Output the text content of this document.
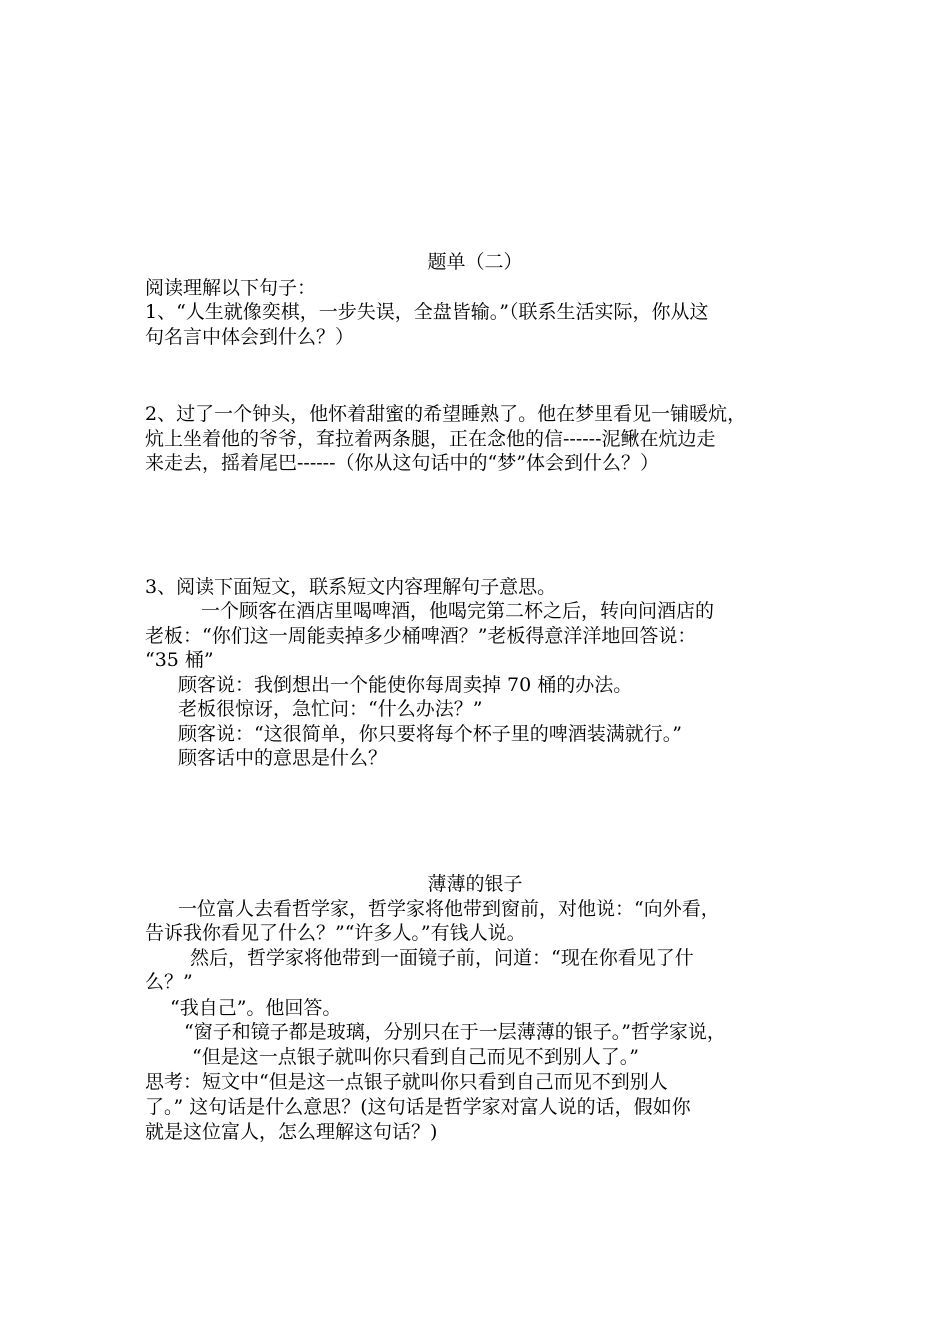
题单（二）
阅读理解以下句子：
1、“人生就像奕棋，一步失误，全盘皆输。”（联系生活实际，你从这
句名言中体会到什么？）
2、过了一个钟头，他怀着甜蜜的希望睡熟了。他在梦里看见一铺暖炕，
炕上坐着他的爷爷，耷拉着两条腿，正在念他的信------泥鳅在炕边走
来走去，摇着尾巴------（你从这句话中的“梦”体会到什么？）
3、阅读下面短文，联系短文内容理解句子意思。
一个顾客在酒店里喝啤酒，他喝完第二杯之后，转向问酒店的
老板：“你们这一周能卖掉多少桶啤酒？”老板得意洋洋地回答说：
“35 桶”
顾客说：我倒想出一个能使你每周卖掉 70 桶的办法。
老板很惊讶，急忙问：“什么办法？”
顾客说：“这很简单，你只要将每个杯子里的啤酒装满就行。”
顾客话中的意思是什么？
薄薄的银子
一位富人去看哲学家，哲学家将他带到窗前，对他说：“向外看，
告诉我你看见了什么？”“许多人。”有钱人说。
然后，哲学家将他带到一面镜子前，问道：“现在你看见了什
么？”
“我自己”。他回答。
“窗子和镜子都是玻璃，分别只在于一层薄薄的银子。”哲学家说，
“但是这一点银子就叫你只看到自己而见不到别人了。”
思考：短文中“但是这一点银子就叫你只看到自己而见不到别人
了。” 这句话是什么意思？(这句话是哲学家对富人说的话，假如你
就是这位富人，怎么理解这句话？)
